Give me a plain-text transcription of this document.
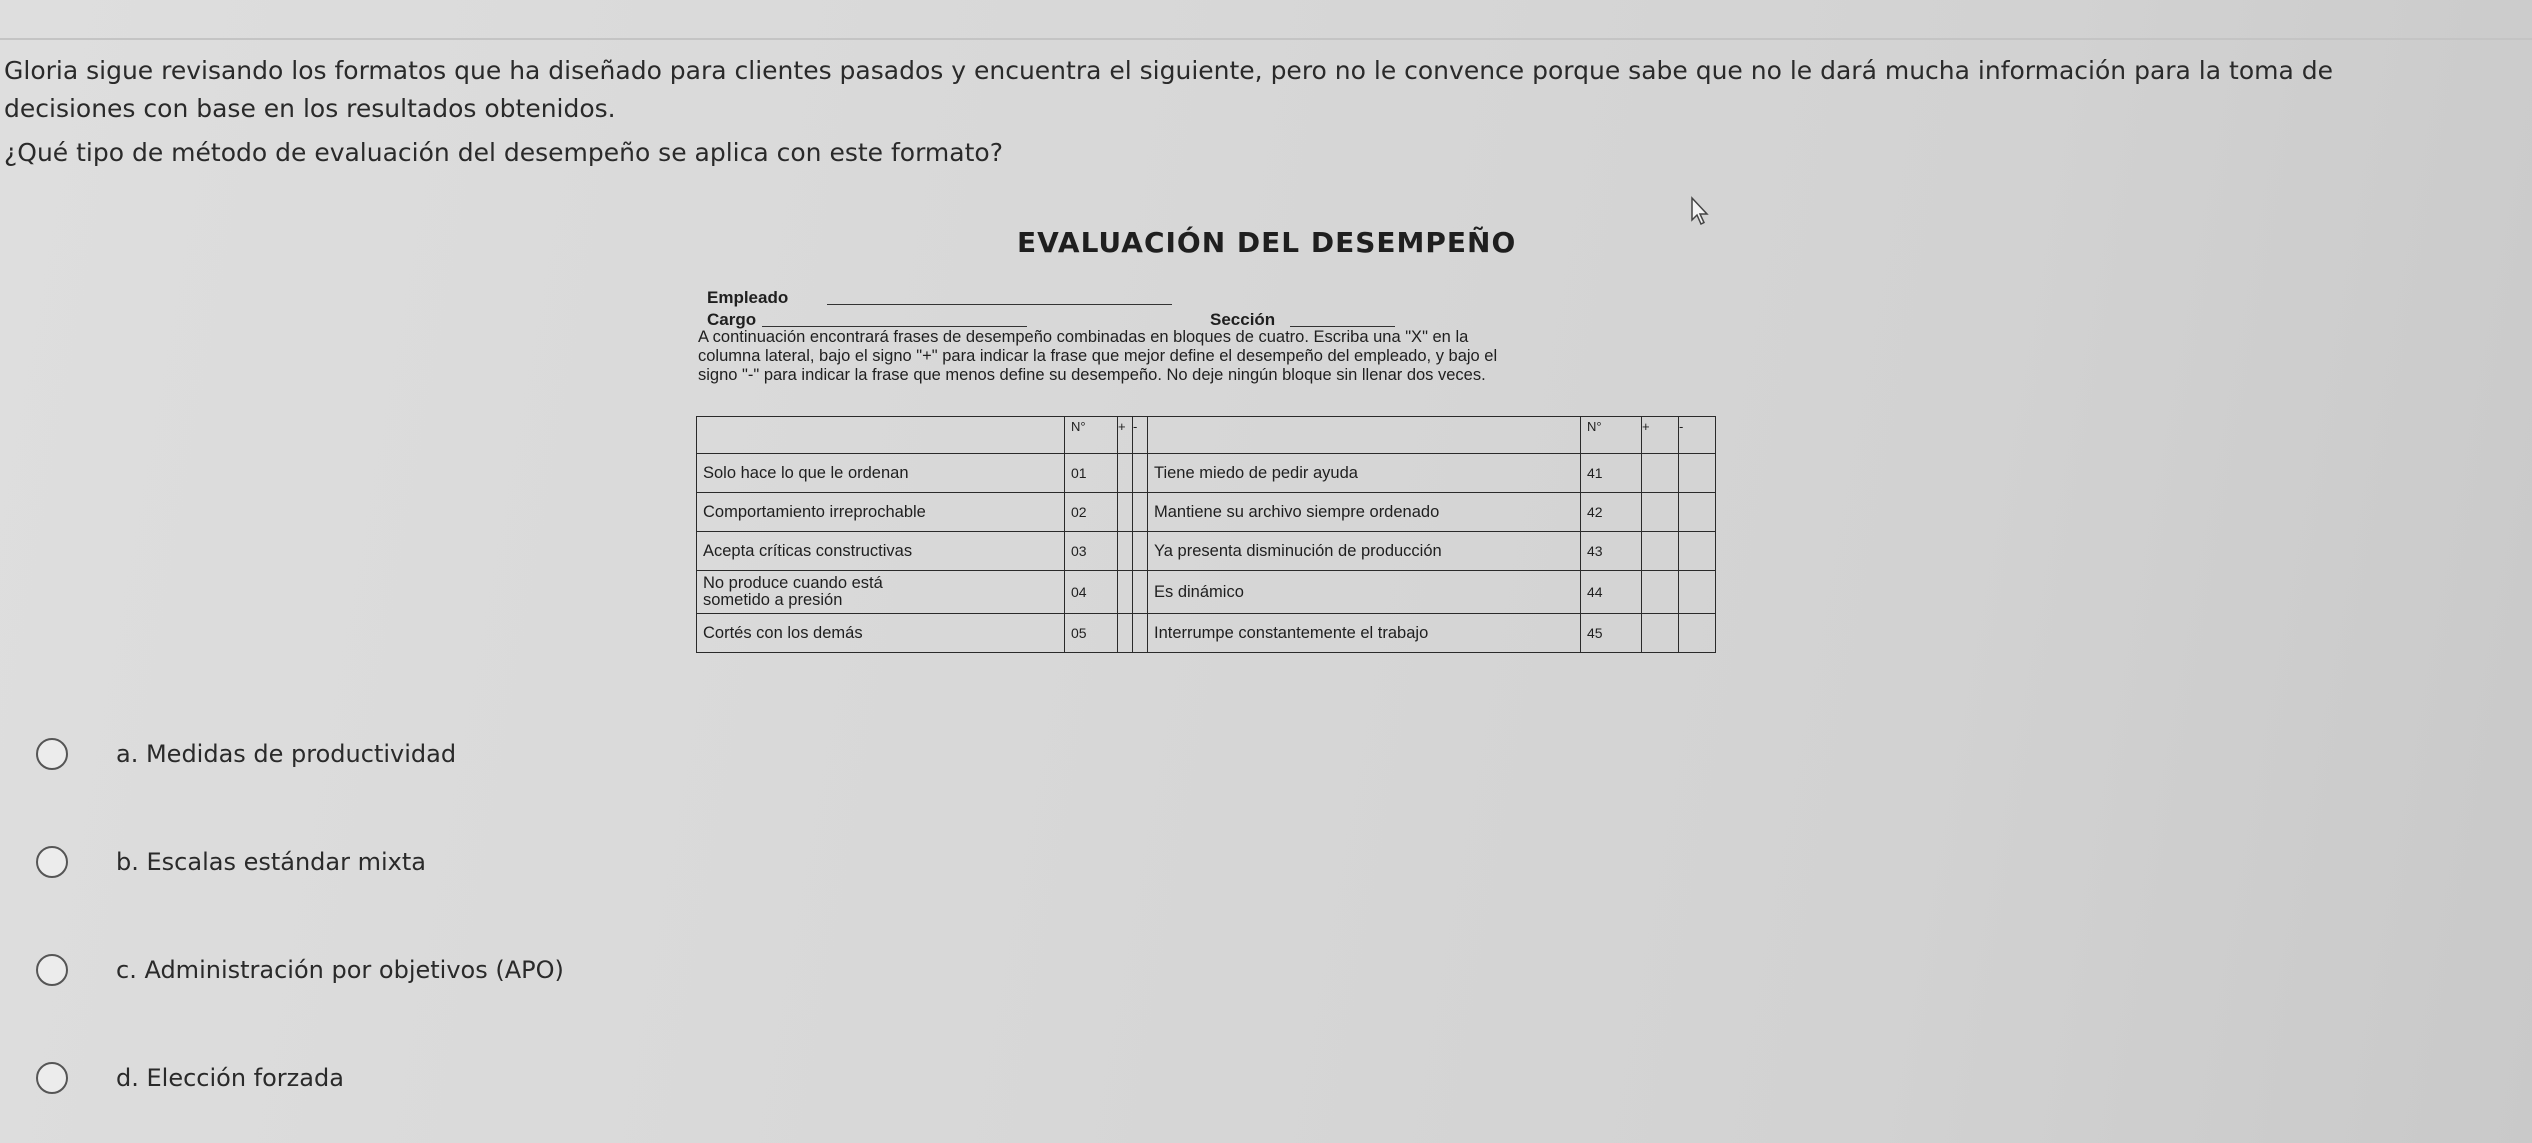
Gloria sigue revisando los formatos que ha diseñado para clientes pasados y encuentra el siguiente, pero no le convence porque sabe que no le dará mucha información para la toma de
decisiones con base en los resultados obtenidos.

¿Qué tipo de método de evaluación del desempeño se aplica con este formato?

EVALUACIÓN DEL DESEMPEÑO
Empleado
Cargo	Sección
A continuación encontrará frases de desempeño combinadas en bloques de cuatro. Escriba una "X" en la
columna lateral, bajo el signo "+" para indicar la frase que mejor define el desempeño del empleado, y bajo el
signo "-" para indicar la frase que menos define su desempeño. No deje ningún bloque sin llenar dos veces.
	N°	+	-		N°	+	-
Solo hace lo que le ordenan	01			Tiene miedo de pedir ayuda	41		
Comportamiento irreprochable	02			Mantiene su archivo siempre ordenado	42		
Acepta críticas constructivas	03			Ya presenta disminución de producción	43		
No produce cuando está
sometido a presión	04			Es dinámico	44		
Cortés con los demás	05			Interrumpe constantemente el trabajo	45		
a. Medidas de productividad
b. Escalas estándar mixta
c. Administración por objetivos (APO)
d. Elección forzada
